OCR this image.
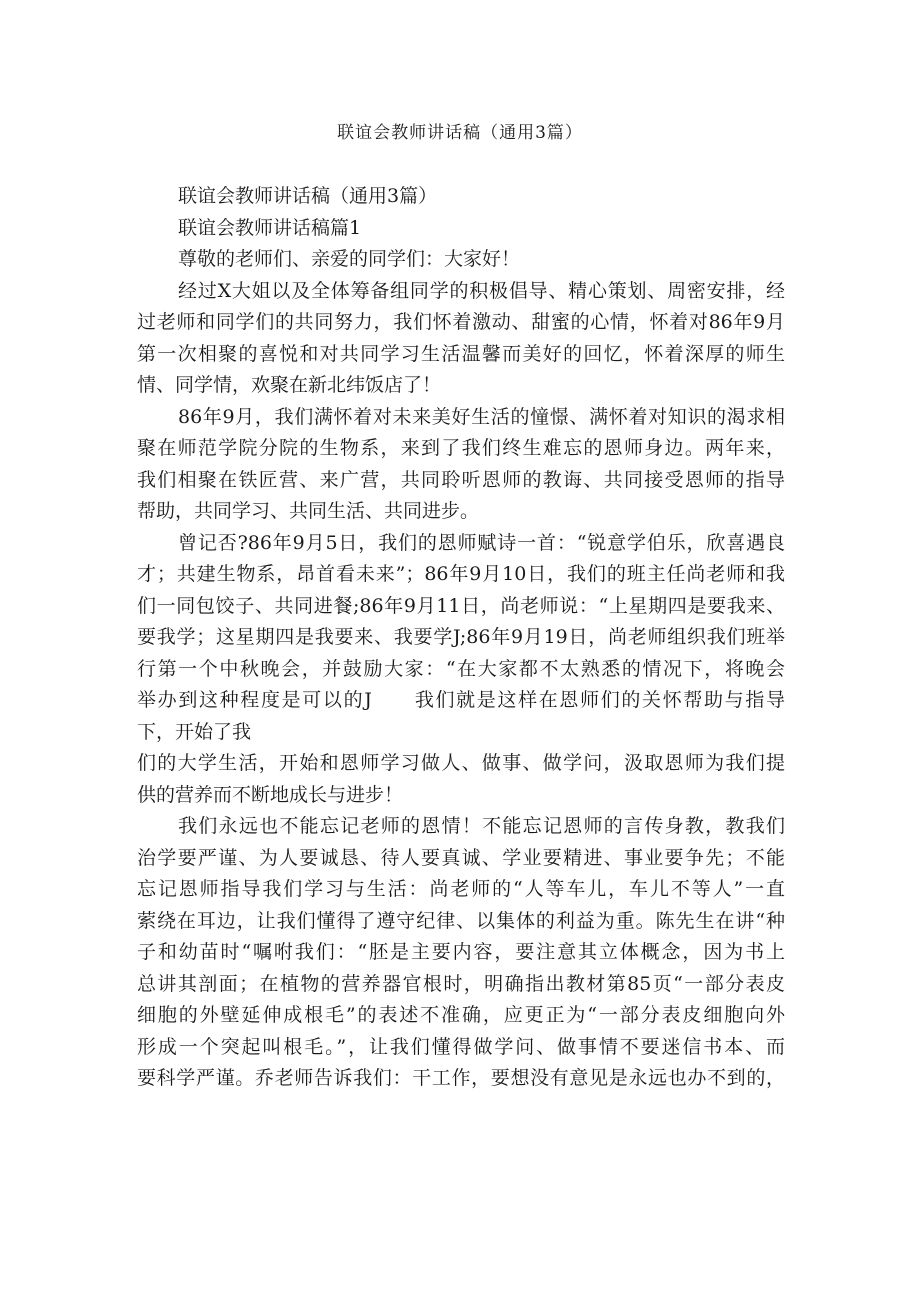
联谊会教师讲话稿（通用3篇）
联谊会教师讲话稿（通用3篇）
联谊会教师讲话稿篇1
尊敬的老师们、亲爱的同学们：大家好！
经过X大姐以及全体筹备组同学的积极倡导、精心策划、周密安排，经
过老师和同学们的共同努力，我们怀着激动、甜蜜的心情，怀着对86年9月
第一次相聚的喜悦和对共同学习生活温馨而美好的回忆，怀着深厚的师生
情、同学情，欢聚在新北纬饭店了！
86年9月，我们满怀着对未来美好生活的憧憬、满怀着对知识的渴求相
聚在师范学院分院的生物系，来到了我们终生难忘的恩师身边。两年来，
我们相聚在铁匠营、来广营，共同聆听恩师的教诲、共同接受恩师的指导
帮助，共同学习、共同生活、共同进步。
曾记否?86年9月5日，我们的恩师赋诗一首：“锐意学伯乐，欣喜遇良
才；共建生物系，昂首看未来”；86年9月10日，我们的班主任尚老师和我
们一同包饺子、共同进餐;86年9月11日，尚老师说：“上星期四是要我来、
要我学；这星期四是我要来、我要学J;86年9月19日，尚老师组织我们班举
行第一个中秋晚会，并鼓励大家：“在大家都不太熟悉的情况下，将晚会
举办到这种程度是可以的J　　我们就是这样在恩师们的关怀帮助与指导
下，开始了我
们的大学生活，开始和恩师学习做人、做事、做学问，汲取恩师为我们提
供的营养而不断地成长与进步！
我们永远也不能忘记老师的恩情！不能忘记恩师的言传身教，教我们
治学要严谨、为人要诚恳、待人要真诚、学业要精进、事业要争先；不能
忘记恩师指导我们学习与生活：尚老师的“人等车儿，车儿不等人”一直
萦绕在耳边，让我们懂得了遵守纪律、以集体的利益为重。陈先生在讲“种
子和幼苗时“嘱咐我们：“胚是主要内容，要注意其立体概念，因为书上
总讲其剖面；在植物的营养器官根时，明确指出教材第85页“一部分表皮
细胞的外壁延伸成根毛”的表述不准确，应更正为“一部分表皮细胞向外
形成一个突起叫根毛。”，让我们懂得做学问、做事情不要迷信书本、而
要科学严谨。乔老师告诉我们：干工作，要想没有意见是永远也办不到的，
